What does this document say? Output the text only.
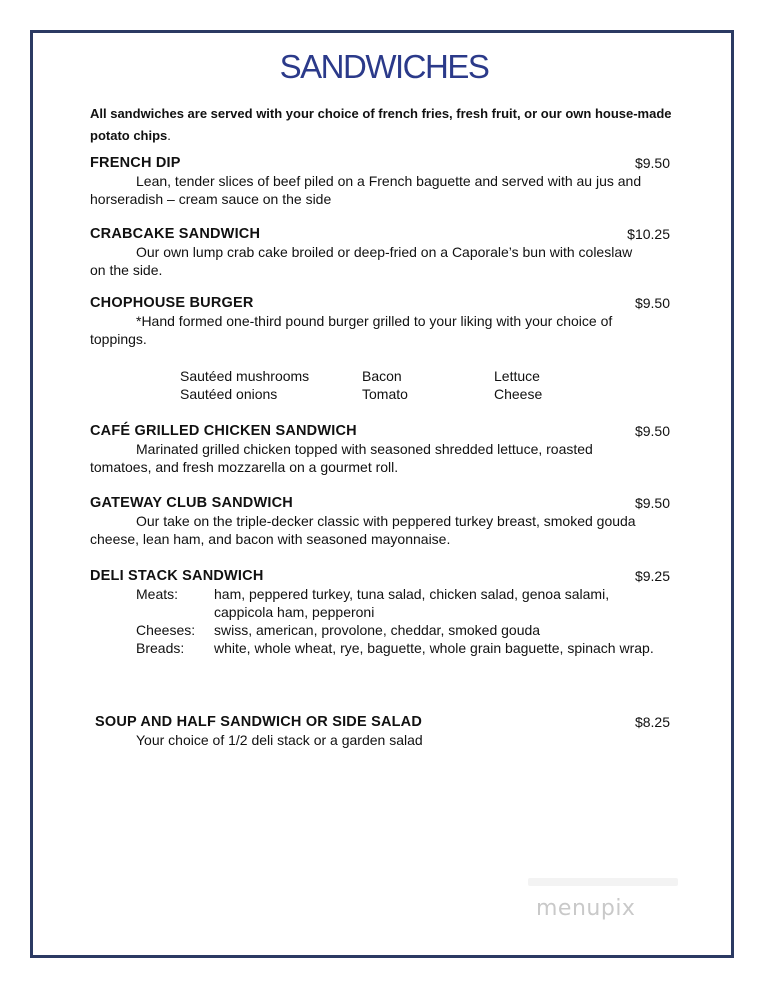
SANDWICHES
All sandwiches are served with your choice of french fries, fresh fruit, or our own house-made potato chips.
FRENCH DIP	$9.50
Lean, tender slices of beef piled on a French baguette and served with au jus and horseradish – cream sauce on the side
CRABCAKE SANDWICH	$10.25
Our own lump crab cake broiled or deep-fried on a Caporale’s bun with coleslaw on the side.
CHOPHOUSE BURGER	$9.50
*Hand formed one-third pound burger grilled to your liking with your choice of toppings.
Sautéed mushrooms	Bacon	Lettuce
Sautéed onions	Tomato	Cheese
CAFÉ GRILLED CHICKEN SANDWICH	$9.50
Marinated grilled chicken topped with seasoned shredded lettuce, roasted tomatoes, and fresh mozzarella on a gourmet roll.
GATEWAY CLUB SANDWICH	$9.50
Our take on the triple-decker classic with peppered turkey breast, smoked gouda cheese, lean ham, and bacon with seasoned mayonnaise.
DELI STACK SANDWICH	$9.25
Meats:	ham, peppered turkey, tuna salad, chicken salad, genoa salami, cappicola ham, pepperoni
Cheeses:	swiss, american, provolone, cheddar, smoked gouda
Breads:	white, whole wheat, rye, baguette, whole grain baguette, spinach wrap.
SOUP AND HALF SANDWICH OR SIDE SALAD	$8.25
Your choice of 1/2 deli stack or a garden salad
menupix
